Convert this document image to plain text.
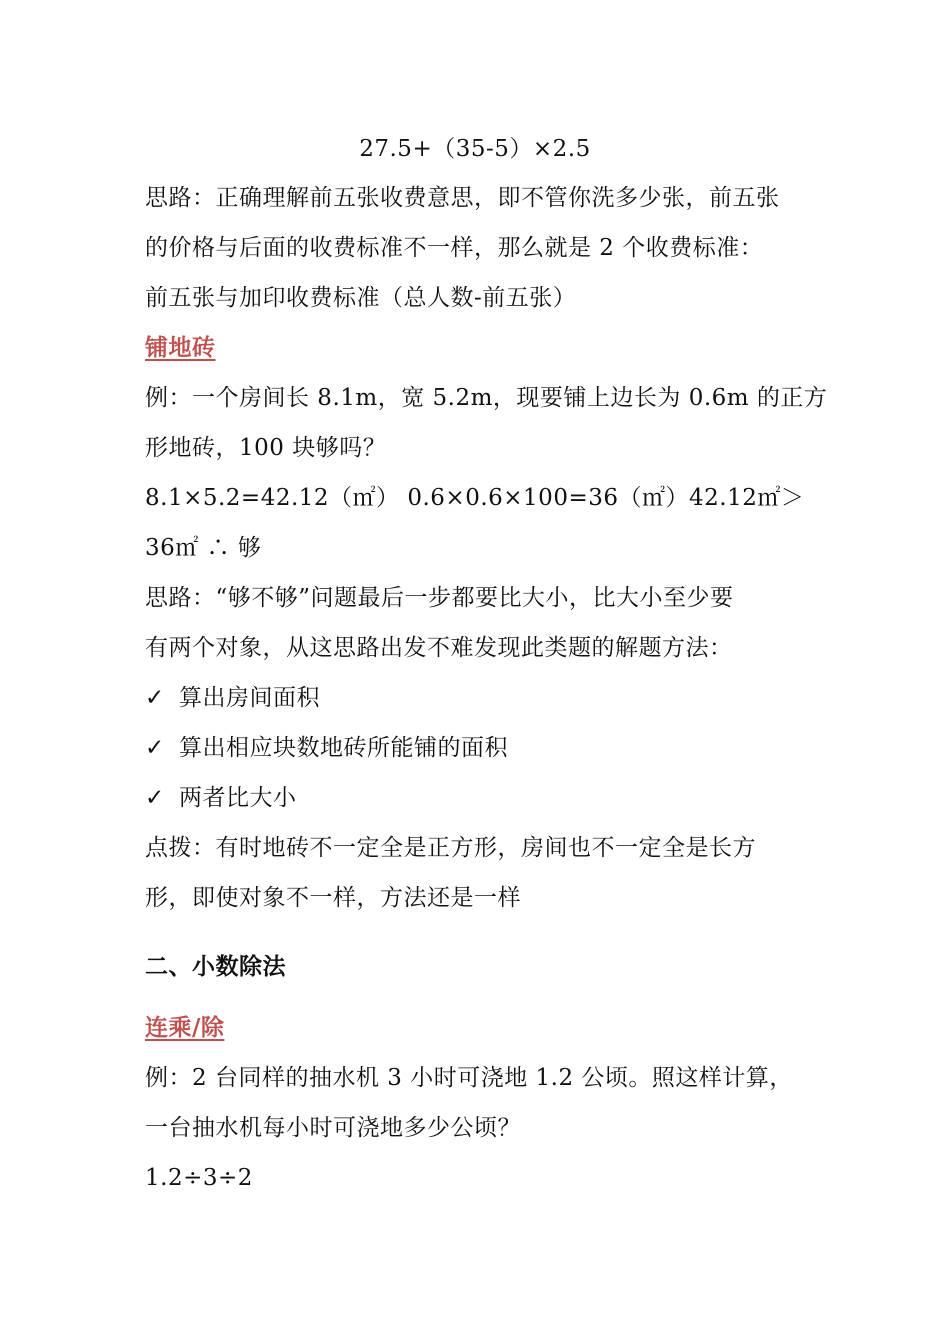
27.5+（35-5）×2.5
思路：正确理解前五张收费意思，即不管你洗多少张，前五张
的价格与后面的收费标准不一样，那么就是 2 个收费标准：
前五张与加印收费标准（总人数-前五张）
铺地砖
例：一个房间长 8.1m，宽 5.2m，现要铺上边长为 0.6m 的正方
形地砖，100 块够吗？
8.1×5.2=42.12（㎡） 0.6×0.6×100=36（㎡）42.12㎡＞
36㎡ ∴ 够
思路：“够不够”问题最后一步都要比大小，比大小至少要
有两个对象，从这思路出发不难发现此类题的解题方法：
✓ 算出房间面积
✓ 算出相应块数地砖所能铺的面积
✓ 两者比大小
点拨：有时地砖不一定全是正方形，房间也不一定全是长方
形，即使对象不一样，方法还是一样
二、小数除法
连乘/除
例：2 台同样的抽水机 3 小时可浇地 1.2 公顷。照这样计算，
一台抽水机每小时可浇地多少公顷？
1.2÷3÷2
